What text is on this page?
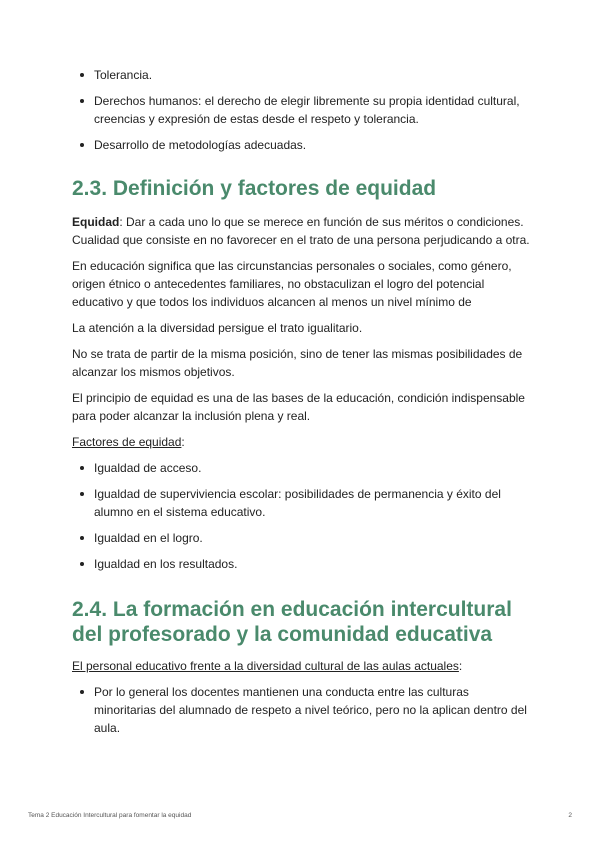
Tolerancia.
Derechos humanos: el derecho de elegir libremente su propia identidad cultural, creencias y expresión de estas desde el respeto y tolerancia.
Desarrollo de metodologías adecuadas.
2.3. Definición y factores de equidad

Equidad: Dar a cada uno lo que se merece en función de sus méritos o condiciones. Cualidad que consiste en no favorecer en el trato de una persona perjudicando a otra.

En educación significa que las circunstancias personales o sociales, como género, origen étnico o antecedentes familiares, no obstaculizan el logro del potencial educativo y que todos los individuos alcancen al menos un nivel mínimo de

La atención a la diversidad persigue el trato igualitario.

No se trata de partir de la misma posición, sino de tener las mismas posibilidades de alcanzar los mismos objetivos.

El principio de equidad es una de las bases de la educación, condición indispensable para poder alcanzar la inclusión plena y real.

Factores de equidad:

Igualdad de acceso.
Igualdad de superviviencia escolar: posibilidades de permanencia y éxito del alumno en el sistema educativo.
Igualdad en el logro.
Igualdad en los resultados.
2.4. La formación en educación intercultural del profesorado y la comunidad educativa

El personal educativo frente a la diversidad cultural de las aulas actuales:

Por lo general los docentes mantienen una conducta entre las culturas minoritarias del alumnado de respeto a nivel teórico, pero no la aplican dentro del aula.
Tema 2 Educación Intercultural para fomentar la equidad	2
